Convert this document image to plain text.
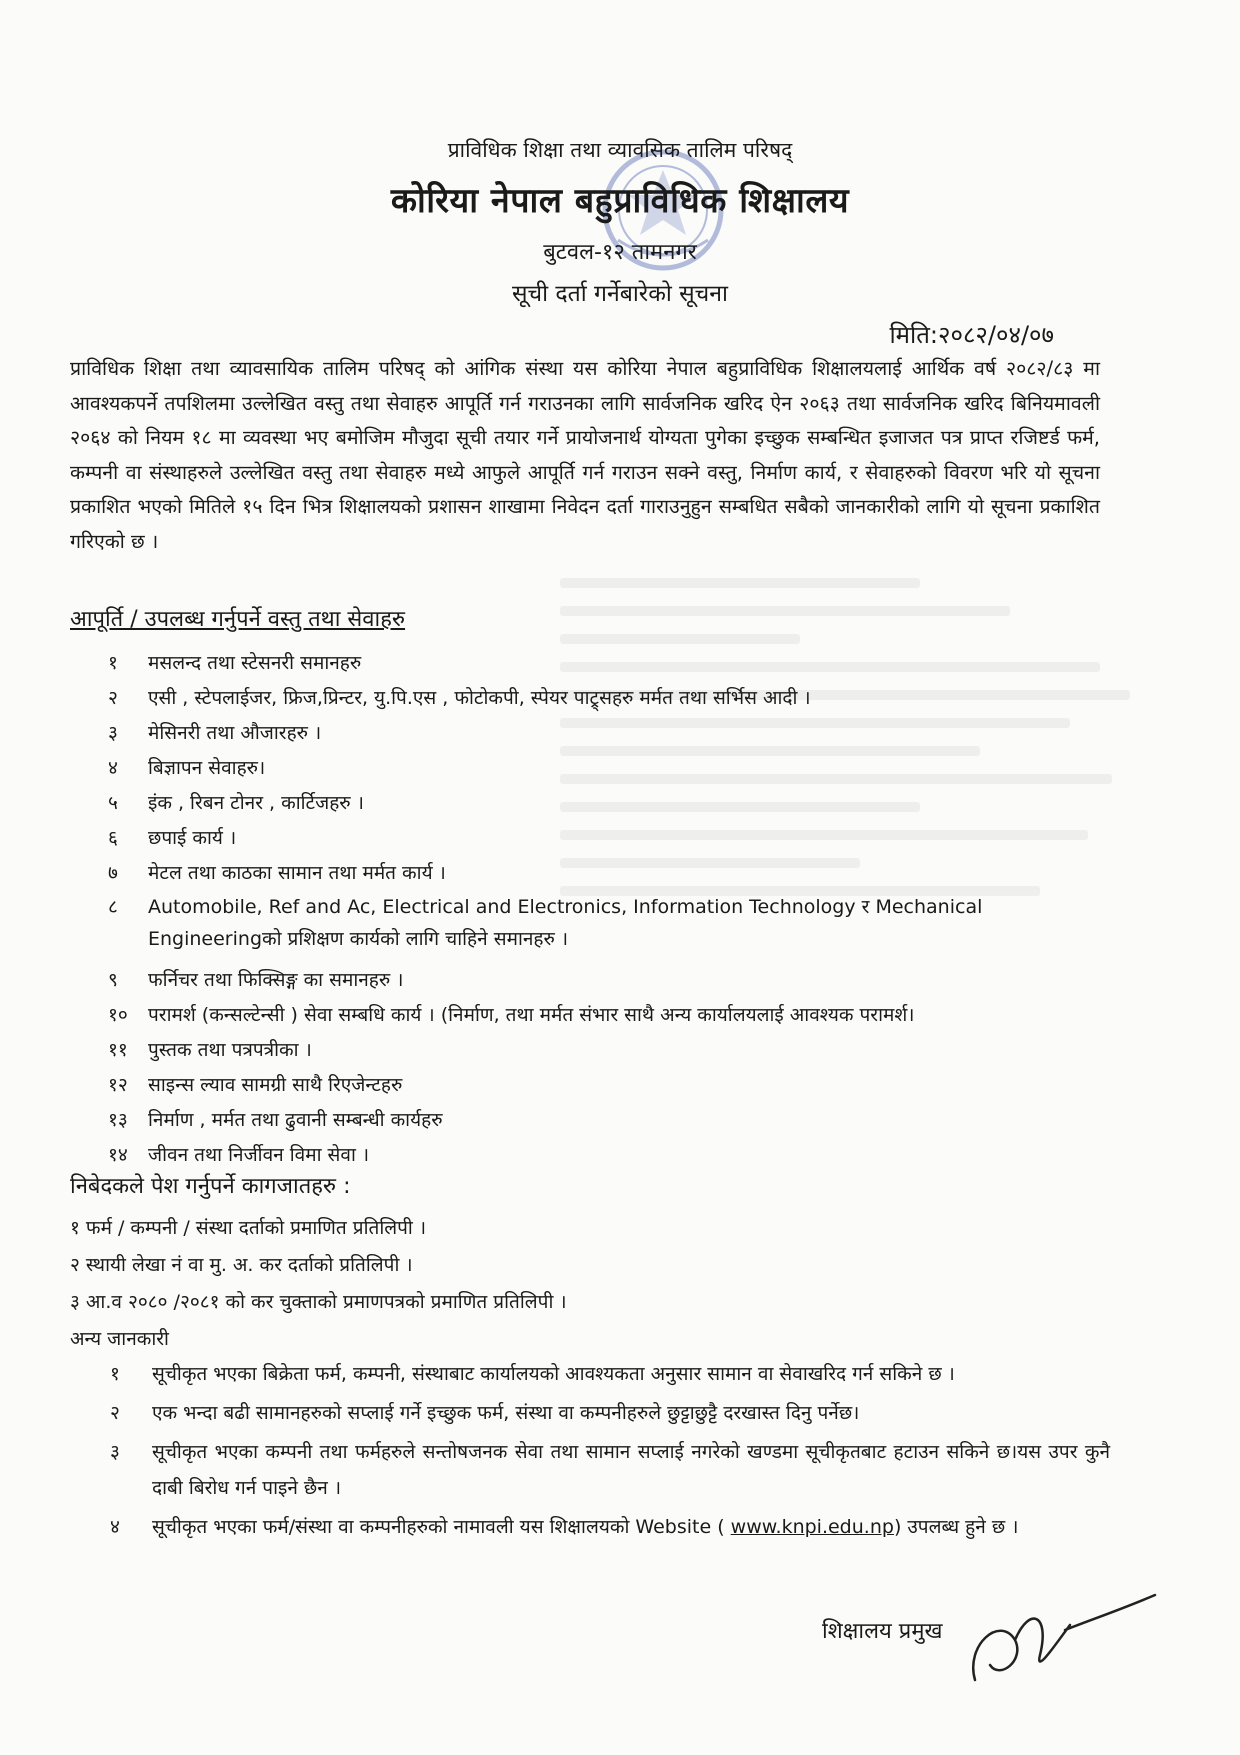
प्राविधिक शिक्षा तथा व्यावसिक तालिम परिषद्
कोरिया नेपाल बहुप्राविधिक शिक्षालय
बुटवल-१२ तामनगर
सूची दर्ता गर्नेबारेको सूचना
मिति:२०८२/०४/०७
प्राविधिक शिक्षा तथा व्यावसायिक तालिम परिषद् को आंगिक संस्था यस कोरिया नेपाल बहुप्राविधिक शिक्षालयलाई आर्थिक वर्ष २०८२/८३ मा आवश्यकपर्ने तपशिलमा उल्लेखित वस्तु तथा सेवाहरु आपूर्ति गर्न गराउनका लागि सार्वजनिक खरिद ऐन २०६३ तथा सार्वजनिक खरिद बिनियमावली २०६४ को नियम १८ मा व्यवस्था भए बमोजिम मौजुदा सूची तयार गर्ने प्रायोजनार्थ योग्यता पुगेका इच्छुक सम्बन्धित इजाजत पत्र प्राप्त रजिष्टर्ड फर्म, कम्पनी वा संस्थाहरुले उल्लेखित वस्तु तथा सेवाहरु मध्ये आफुले आपूर्ति गर्न गराउन सक्ने वस्तु, निर्माण कार्य, र सेवाहरुको विवरण भरि यो सूचना प्रकाशित भएको मितिले १५ दिन भित्र शिक्षालयको प्रशासन शाखामा निवेदन दर्ता गाराउनुहुन सम्बधित सबैको जानकारीको लागि यो सूचना प्रकाशित गरिएको छ ।
आपूर्ति / उपलब्ध गर्नुपर्ने वस्तु तथा सेवाहरु
१ मसलन्द तथा स्टेसनरी समानहरु
२ एसी , स्टेपलाईजर, फ्रिज,प्रिन्टर, यु.पि.एस , फोटोकपी, स्पेयर पाट्र्सहरु मर्मत तथा सर्भिस आदी ।
३ मेसिनरी तथा औजारहरु ।
४ बिज्ञापन सेवाहरु।
५ इंक , रिबन टोनर , कार्टिजहरु ।
६ छपाई कार्य ।
७ मेटल तथा काठका सामान तथा मर्मत कार्य ।
८ Automobile, Ref and Ac, Electrical and Electronics, Information Technology र Mechanical Engineeringको प्रशिक्षण कार्यको लागि चाहिने समानहरु ।
९ फर्निचर तथा फिक्सिङ्ग का समानहरु ।
१० परामर्श (कन्सल्टेन्सी ) सेवा सम्बधि कार्य । (निर्माण, तथा मर्मत संभार साथै अन्य कार्यालयलाई आवश्यक परामर्श।
११ पुस्तक तथा पत्रपत्रीका ।
१२ साइन्स ल्याव सामग्री साथै रिएजेन्टहरु
१३ निर्माण , मर्मत तथा ढुवानी सम्बन्धी कार्यहरु
१४ जीवन तथा निर्जीवन विमा सेवा ।
निबेदकले पेश गर्नुपर्ने कागजातहरु :
१ फर्म / कम्पनी / संस्था दर्ताको प्रमाणित प्रतिलिपी ।
२ स्थायी लेखा नं वा मु. अ. कर दर्ताको प्रतिलिपी ।
३ आ.व २०८० /२०८१ को कर चुक्ताको प्रमाणपत्रको प्रमाणित प्रतिलिपी ।
अन्य जानकारी
१	सूचीकृत भएका बिक्रेता फर्म, कम्पनी, संस्थाबाट कार्यालयको आवश्यकता अनुसार सामान वा सेवाखरिद गर्न सकिने छ ।
२	एक भन्दा बढी सामानहरुको सप्लाई गर्ने इच्छुक फर्म, संस्था वा कम्पनीहरुले छुट्टाछुट्टै दरखास्त दिनु पर्नेछ।
३	सूचीकृत भएका कम्पनी तथा फर्महरुले सन्तोषजनक सेवा तथा सामान सप्लाई नगरेको खण्डमा सूचीकृतबाट हटाउन सकिने छ।यस उपर कुनै दाबी बिरोध गर्न पाइने छैन ।
४	सूचीकृत भएका फर्म/संस्था वा कम्पनीहरुको नामावली यस शिक्षालयको Website ( www.knpi.edu.np) उपलब्ध हुने छ ।
शिक्षालय प्रमुख
